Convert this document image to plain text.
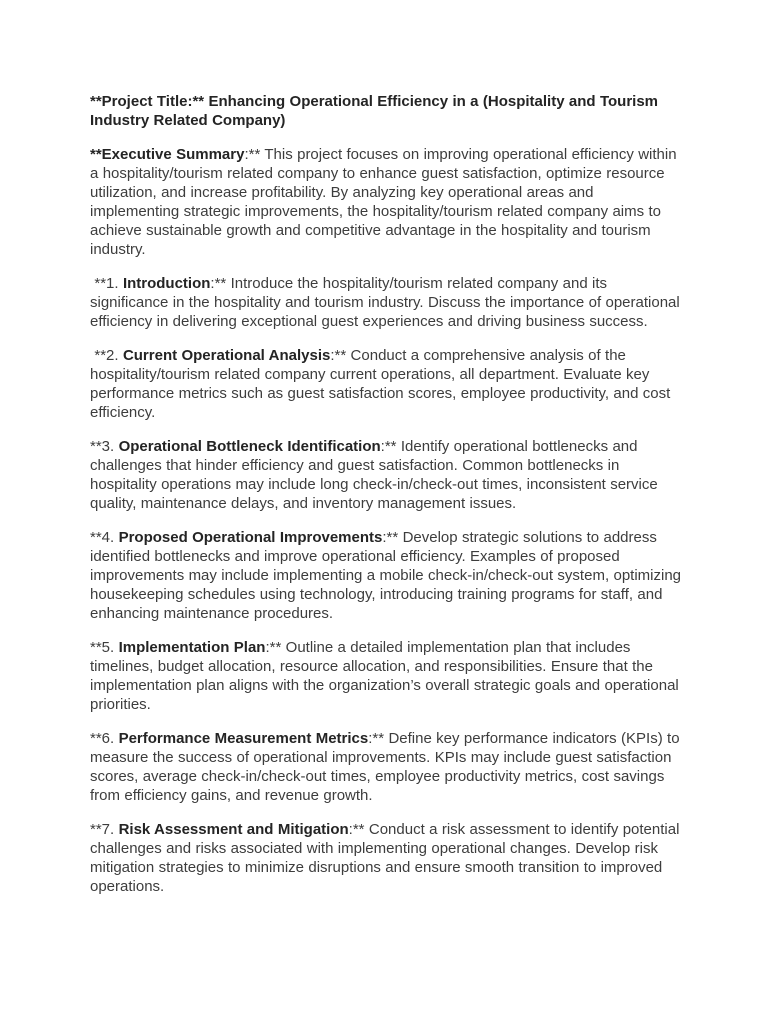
**Project Title:** Enhancing Operational Efficiency in a (Hospitality and Tourism Industry Related Company)

**Executive Summary:** This project focuses on improving operational efficiency within a hospitality/tourism related company to enhance guest satisfaction, optimize resource utilization, and increase profitability. By analyzing key operational areas and implementing strategic improvements, the hospitality/tourism related company aims to achieve sustainable growth and competitive advantage in the hospitality and tourism industry.

**1. Introduction:** Introduce the hospitality/tourism related company and its significance in the hospitality and tourism industry. Discuss the importance of operational efficiency in delivering exceptional guest experiences and driving business success.

**2. Current Operational Analysis:** Conduct a comprehensive analysis of the hospitality/tourism related company current operations, all department. Evaluate key performance metrics such as guest satisfaction scores, employee productivity, and cost efficiency.

**3. Operational Bottleneck Identification:** Identify operational bottlenecks and challenges that hinder efficiency and guest satisfaction. Common bottlenecks in hospitality operations may include long check-in/check-out times, inconsistent service quality, maintenance delays, and inventory management issues.

**4. Proposed Operational Improvements:** Develop strategic solutions to address identified bottlenecks and improve operational efficiency. Examples of proposed improvements may include implementing a mobile check-in/check-out system, optimizing housekeeping schedules using technology, introducing training programs for staff, and enhancing maintenance procedures.

**5. Implementation Plan:** Outline a detailed implementation plan that includes timelines, budget allocation, resource allocation, and responsibilities. Ensure that the implementation plan aligns with the organization’s overall strategic goals and operational priorities.

**6. Performance Measurement Metrics:** Define key performance indicators (KPIs) to measure the success of operational improvements. KPIs may include guest satisfaction scores, average check-in/check-out times, employee productivity metrics, cost savings from efficiency gains, and revenue growth.

**7. Risk Assessment and Mitigation:** Conduct a risk assessment to identify potential challenges and risks associated with implementing operational changes. Develop risk mitigation strategies to minimize disruptions and ensure smooth transition to improved operations.
